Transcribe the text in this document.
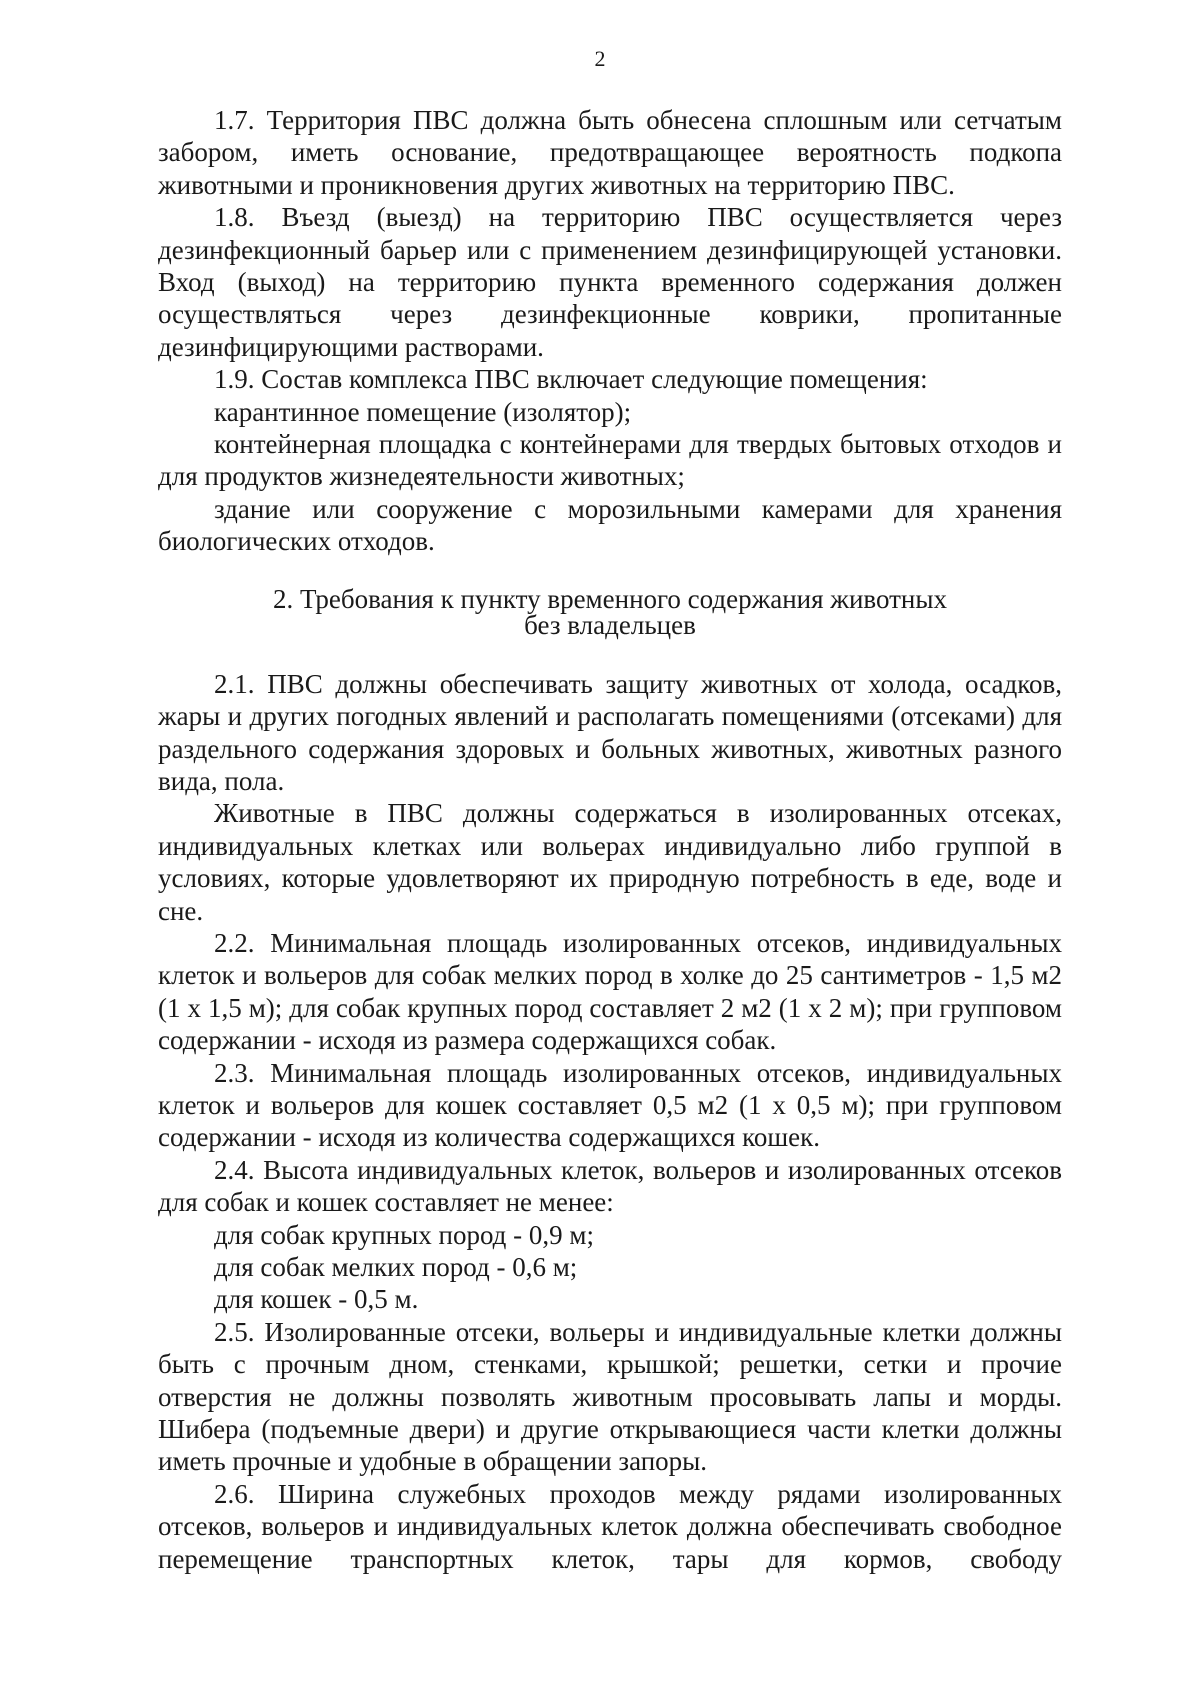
2

1.7. Территория ПВС должна быть обнесена сплошным или сетчатым забором, иметь основание, предотвращающее вероятность подкопа животными и проникновения других животных на территорию ПВС.

1.8. Въезд (выезд) на территорию ПВС осуществляется через дезинфекционный барьер или с применением дезинфицирующей установки. Вход (выход) на территорию пункта временного содержания должен осуществляться через дезинфекционные коврики, пропитанные дезинфицирующими растворами.

1.9. Состав комплекса ПВС включает следующие помещения:

карантинное помещение (изолятор);

контейнерная площадка с контейнерами для твердых бытовых отходов и для продуктов жизнедеятельности животных;

здание или сооружение с морозильными камерами для хранения биологических отходов.

2. Требования к пункту временного содержания животных
без владельцев

2.1. ПВС должны обеспечивать защиту животных от холода, осадков, жары и других погодных явлений и располагать помещениями (отсеками) для раздельного содержания здоровых и больных животных, животных разного вида, пола.

Животные в ПВС должны содержаться в изолированных отсеках, индивидуальных клетках или вольерах индивидуально либо группой в условиях, которые удовлетворяют их природную потребность в еде, воде и сне.

2.2. Минимальная площадь изолированных отсеков, индивидуальных клеток и вольеров для собак мелких пород в холке до 25 сантиметров - 1,5 м2 (1 х 1,5 м); для собак крупных пород составляет 2 м2 (1 х 2 м); при групповом содержании - исходя из размера содержащихся собак.

2.3. Минимальная площадь изолированных отсеков, индивидуальных клеток и вольеров для кошек составляет 0,5 м2 (1 х 0,5 м); при групповом содержании - исходя из количества содержащихся кошек.

2.4. Высота индивидуальных клеток, вольеров и изолированных отсеков для собак и кошек составляет не менее:

для собак крупных пород - 0,9 м;

для собак мелких пород - 0,6 м;

для кошек - 0,5 м.

2.5. Изолированные отсеки, вольеры и индивидуальные клетки должны быть с прочным дном, стенками, крышкой; решетки, сетки и прочие отверстия не должны позволять животным просовывать лапы и морды. Шибера (подъемные двери) и другие открывающиеся части клетки должны иметь прочные и удобные в обращении запоры.

2.6. Ширина служебных проходов между рядами изолированных отсеков, вольеров и индивидуальных клеток должна обеспечивать свободное перемещение транспортных клеток, тары для кормов, свободу
